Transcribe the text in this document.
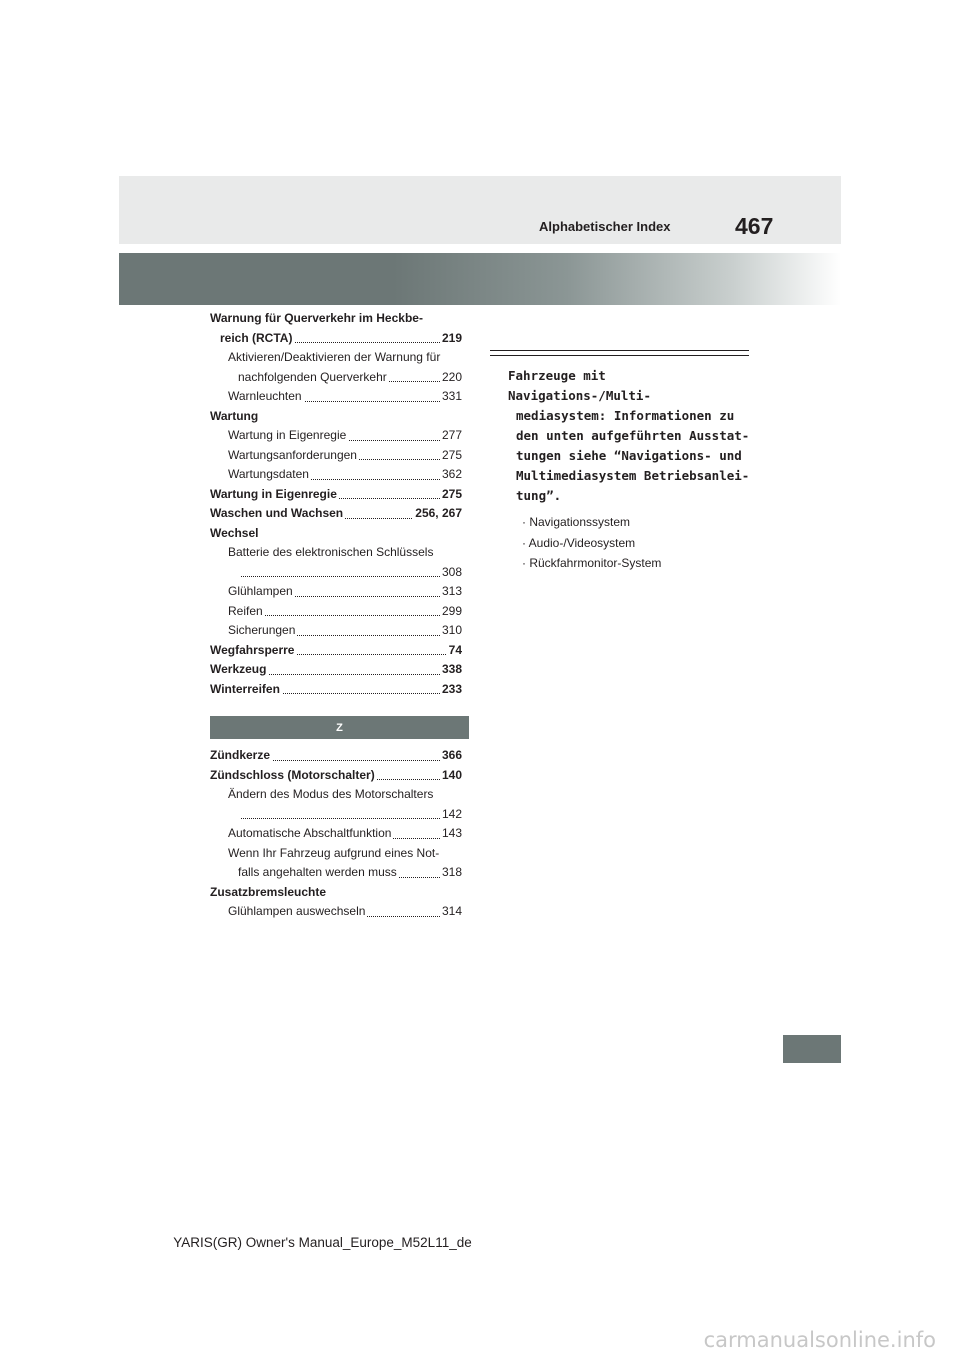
Alphabetischer Index	467
Warnung für Querverkehr im Heckbe-
reich (RCTA)	219
Aktivieren/Deaktivieren der Warnung für
nachfolgenden Querverkehr	220
Warnleuchten	331
Wartung
Wartung in Eigenregie	277
Wartungsanforderungen	275
Wartungsdaten	362
Wartung in Eigenregie	275
Waschen und Wachsen	256, 267
Wechsel
Batterie des elektronischen Schlüssels
308
Glühlampen	313
Reifen	299
Sicherungen	310
Wegfahrsperre	74
Werkzeug	338
Winterreifen	233
Z
Zündkerze	366
Zündschloss (Motorschalter)	140
Ändern des Modus des Motorschalters
142
Automatische Abschaltfunktion	143
Wenn Ihr Fahrzeug aufgrund eines Not-
falls angehalten werden muss	318
Zusatzbremsleuchte
Glühlampen auswechseln	314

Fahrzeuge mit Navigations-/Multi-
mediasystem: Informationen zu
den unten aufgeführten Ausstat-
tungen siehe “Navigations- und
Multimediasystem Betriebsanlei-
tung”.

· Navigationssystem
· Audio-/Videosystem
· Rückfahrmonitor-System
YARIS(GR) Owner's Manual_Europe_M52L11_de
carmanualsonline.info
